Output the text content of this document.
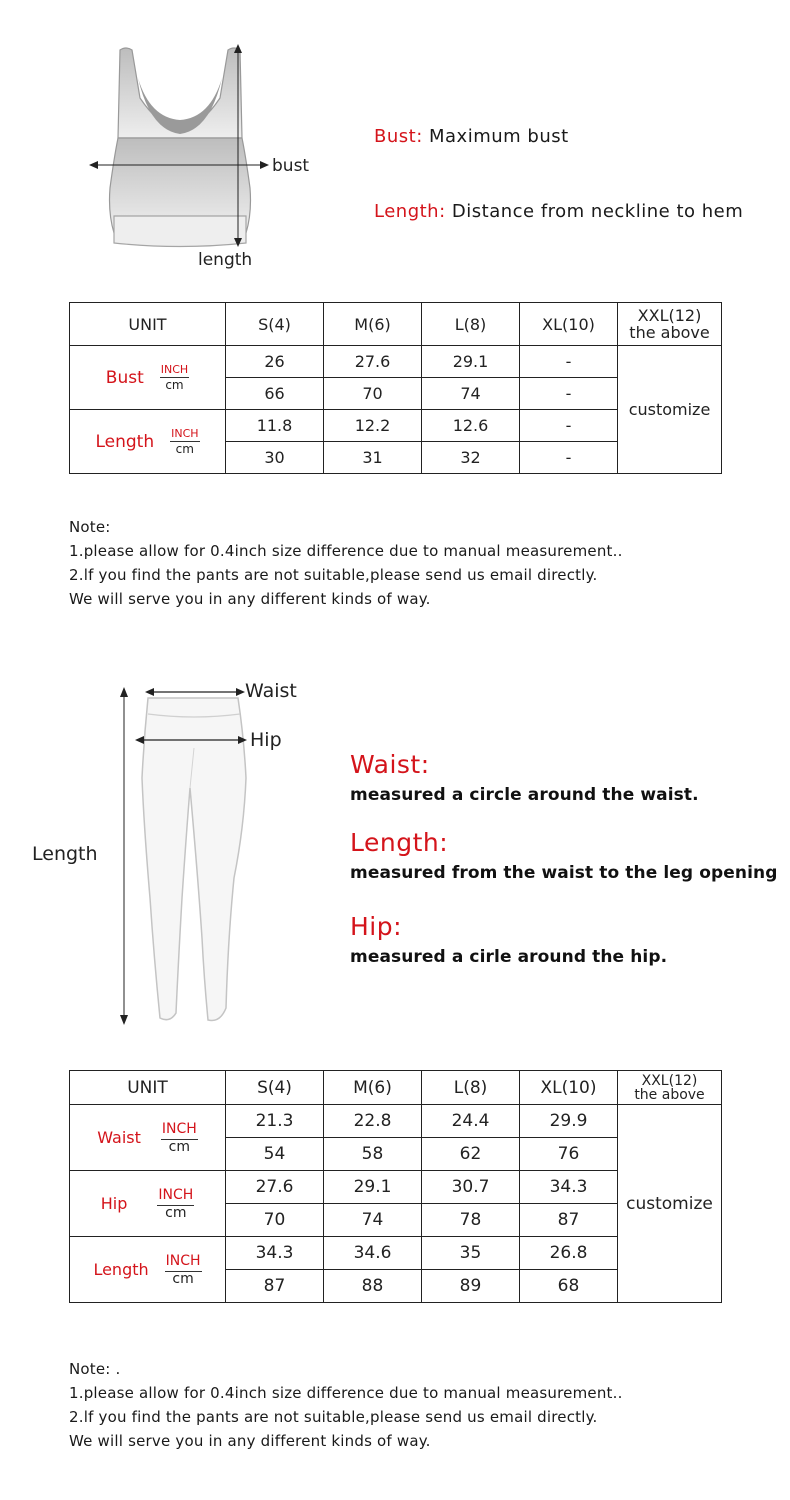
bust
length
Bust: Maximum bust
Length: Distance from neckline to hem
UNIT	S(4)	M(6)	L(8)	XL(10)	XXL(12)
the above

Bust $\frac{\text{INCH}}{cm}$	26	27.6	29.1	-	customize
	66	70	74	-	

Length $\frac{\text{INCH}}{cm}$	11.8	12.2	12.6	-	
	30	31	32	-	
Note:
1.please allow for 0.4inch size difference due to manual measurement..
2.lf you find the pants are not suitable,please send us email directly.
We will serve you in any different kinds of way.
Waist
Hip
Length
Waist:
measured a circle around the waist.
Length:
measured from the waist to the leg opening
Hip:
measured a cirle around the hip.
UNIT	S(4)	M(6)	L(8)	XL(10)	XXL(12)
the above

Waist $\frac{\text{INCH}}{cm}$	21.3	22.8	24.4	29.9	customize
	54	58	62	76	

Hip $\frac{\text{INCH}}{cm}$	27.6	29.1	30.7	34.3	
	70	74	78	87	

Length $\frac{\text{INCH}}{cm}$	34.3	34.6	35	26.8	
	87	88	89	68	
Note: .
1.please allow for 0.4inch size difference due to manual measurement..
2.lf you find the pants are not suitable,please send us email directly.
We will serve you in any different kinds of way.
